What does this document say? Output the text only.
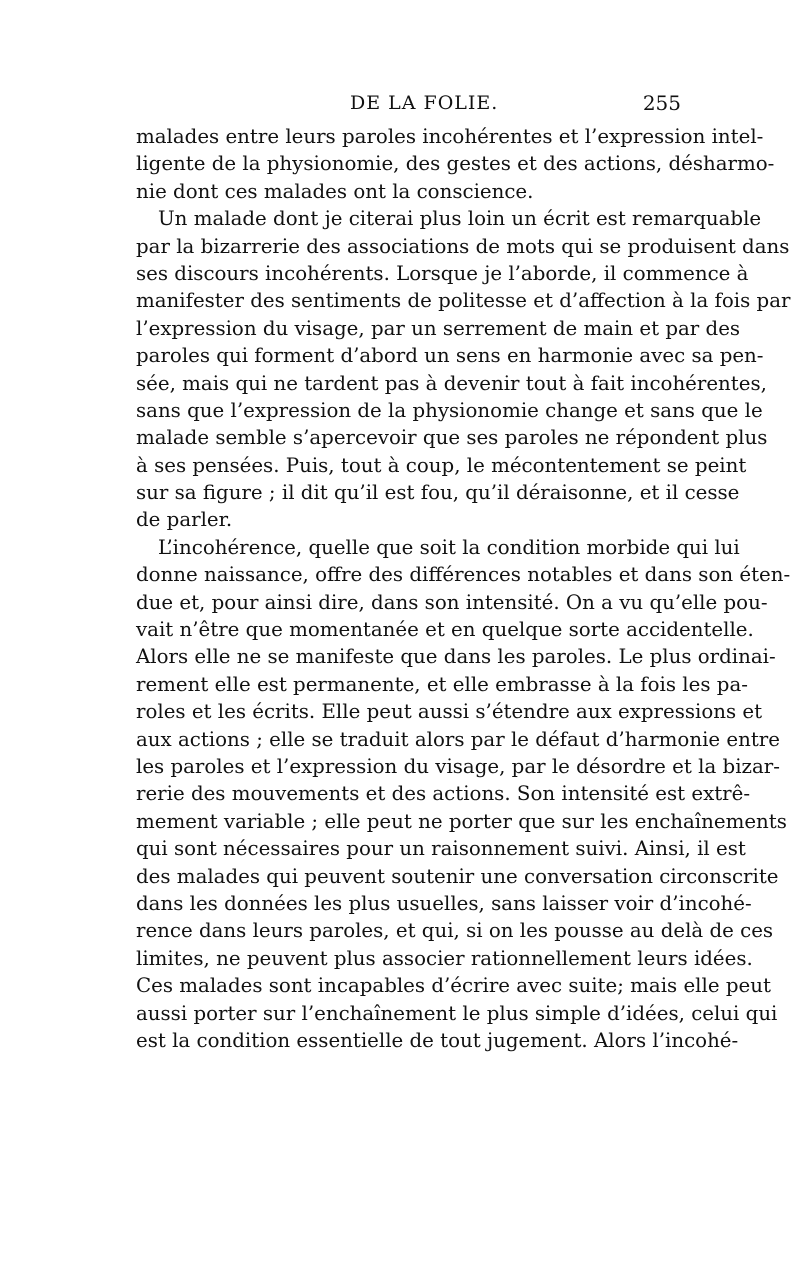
DE LA FOLIE.	255
malades entre leurs paroles incohérentes et l’expression intel-
ligente de la physionomie, des gestes et des actions, désharmo-
nie dont ces malades ont la conscience.
Un malade dont je citerai plus loin un écrit est remarquable
par la bizarrerie des associations de mots qui se produisent dans
ses discours incohérents. Lorsque je l’aborde, il commence à
manifester des sentiments de politesse et d’affection à la fois par
l’expression du visage, par un serrement de main et par des
paroles qui forment d’abord un sens en harmonie avec sa pen-
sée, mais qui ne tardent pas à devenir tout à fait incohérentes,
sans que l’expression de la physionomie change et sans que le
malade semble s’apercevoir que ses paroles ne répondent plus
à ses pensées. Puis, tout à coup, le mécontentement se peint
sur sa figure ; il dit qu’il est fou, qu’il déraisonne, et il cesse
de parler.
L’incohérence, quelle que soit la condition morbide qui lui
donne naissance, offre des différences notables et dans son éten-
due et, pour ainsi dire, dans son intensité. On a vu qu’elle pou-
vait n’être que momentanée et en quelque sorte accidentelle.
Alors elle ne se manifeste que dans les paroles. Le plus ordinai-
rement elle est permanente, et elle embrasse à la fois les pa-
roles et les écrits. Elle peut aussi s’étendre aux expressions et
aux actions ; elle se traduit alors par le défaut d’harmonie entre
les paroles et l’expression du visage, par le désordre et la bizar-
rerie des mouvements et des actions. Son intensité est extrê-
mement variable ; elle peut ne porter que sur les enchaînements
qui sont nécessaires pour un raisonnement suivi. Ainsi, il est
des malades qui peuvent soutenir une conversation circonscrite
dans les données les plus usuelles, sans laisser voir d’incohé-
rence dans leurs paroles, et qui, si on les pousse au delà de ces
limites, ne peuvent plus associer rationnellement leurs idées.
Ces malades sont incapables d’écrire avec suite; mais elle peut
aussi porter sur l’enchaînement le plus simple d’idées, celui qui
est la condition essentielle de tout jugement. Alors l’incohé-
